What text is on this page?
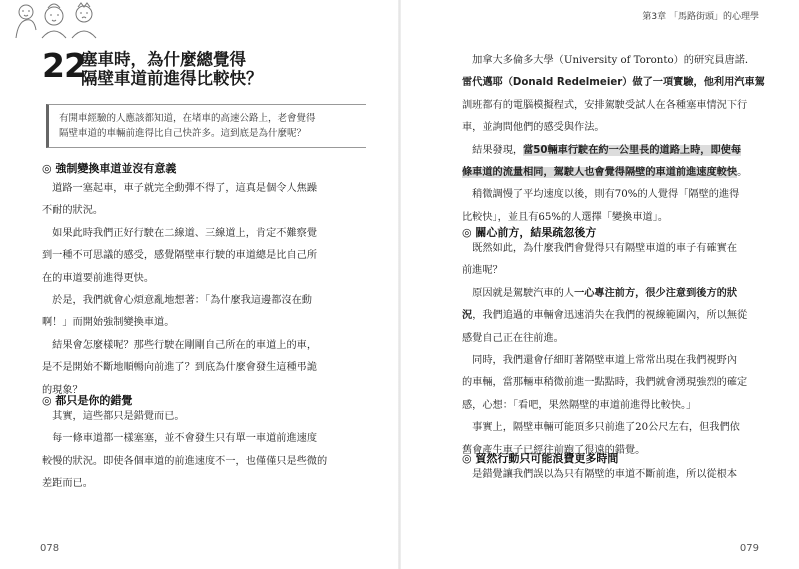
22
塞車時，為什麼總覺得
隔壁車道前進得比較快？

有開車經驗的人應該都知道，在堵車的高速公路上，老會覺得

隔壁車道的車輛前進得比自己快許多。這到底是為什麼呢？

◎ 強制變換車道並沒有意義
　道路一塞起車，車子就完全動彈不得了，這真是個令人焦躁
不耐的狀況。
　如果此時我們正好行駛在二線道、三線道上，肯定不難察覺
到一種不可思議的感受，感覺隔壁車行駛的車道總是比自己所
在的車道要前進得更快。
　於是，我們就會心煩意亂地想著：「為什麼我這邊都沒在動
啊！」而開始強制變換車道。
　結果會怎麼樣呢？那些行駛在剛剛自己所在的車道上的車，
是不是開始不斷地順暢向前進了？到底為什麼會發生這種弔詭
的現象？
◎ 都只是你的錯覺
　其實，這些都只是錯覺而已。
　每一條車道都一樣塞塞，並不會發生只有單一車道前進速度
較慢的狀況。即使各個車道的前進速度不一，也僅僅只是些微的
差距而已。
078
第3章 「馬路街頭」的心理學
　加拿大多倫多大學（University of Toronto）的研究員唐諾．
雷代邁耶（Donald Redelmeier）做了一項實驗，他利用汽車駕
訓班都有的電腦模擬程式，安排駕駛受試人在各種塞車情況下行
車，並詢問他們的感受與作法。
　結果發現，當50輛車行駛在約一公里長的道路上時，即使每
條車道的流量相同，駕駛人也會覺得隔壁的車道前進速度較快。
　稍微調慢了平均速度以後，則有70%的人覺得「隔壁的進得
比較快」，並且有65%的人選擇「變換車道」。
◎ 關心前方，結果疏忽後方
　既然如此，為什麼我們會覺得只有隔壁車道的車子有確實在
前進呢？
　原因就是駕駛汽車的人一心專注前方，很少注意到後方的狀
況，我們追過的車輛會迅速消失在我們的視線範圍內，所以無從
感覺自己正在往前進。
　同時，我們還會仔細盯著隔壁車道上常常出現在我們視野內
的車輛，當那輛車稍微前進一點點時，我們就會湧現強烈的確定
感，心想：「看吧，果然隔壁的車道前進得比較快。」
　事實上，隔壁車輛可能頂多只前進了20公尺左右，但我們依
舊會產生車子已經往前跑了很遠的錯覺。
◎ 貿然行動只可能浪費更多時間
　是錯覺讓我們誤以為只有隔壁的車道不斷前進，所以從根本
079
